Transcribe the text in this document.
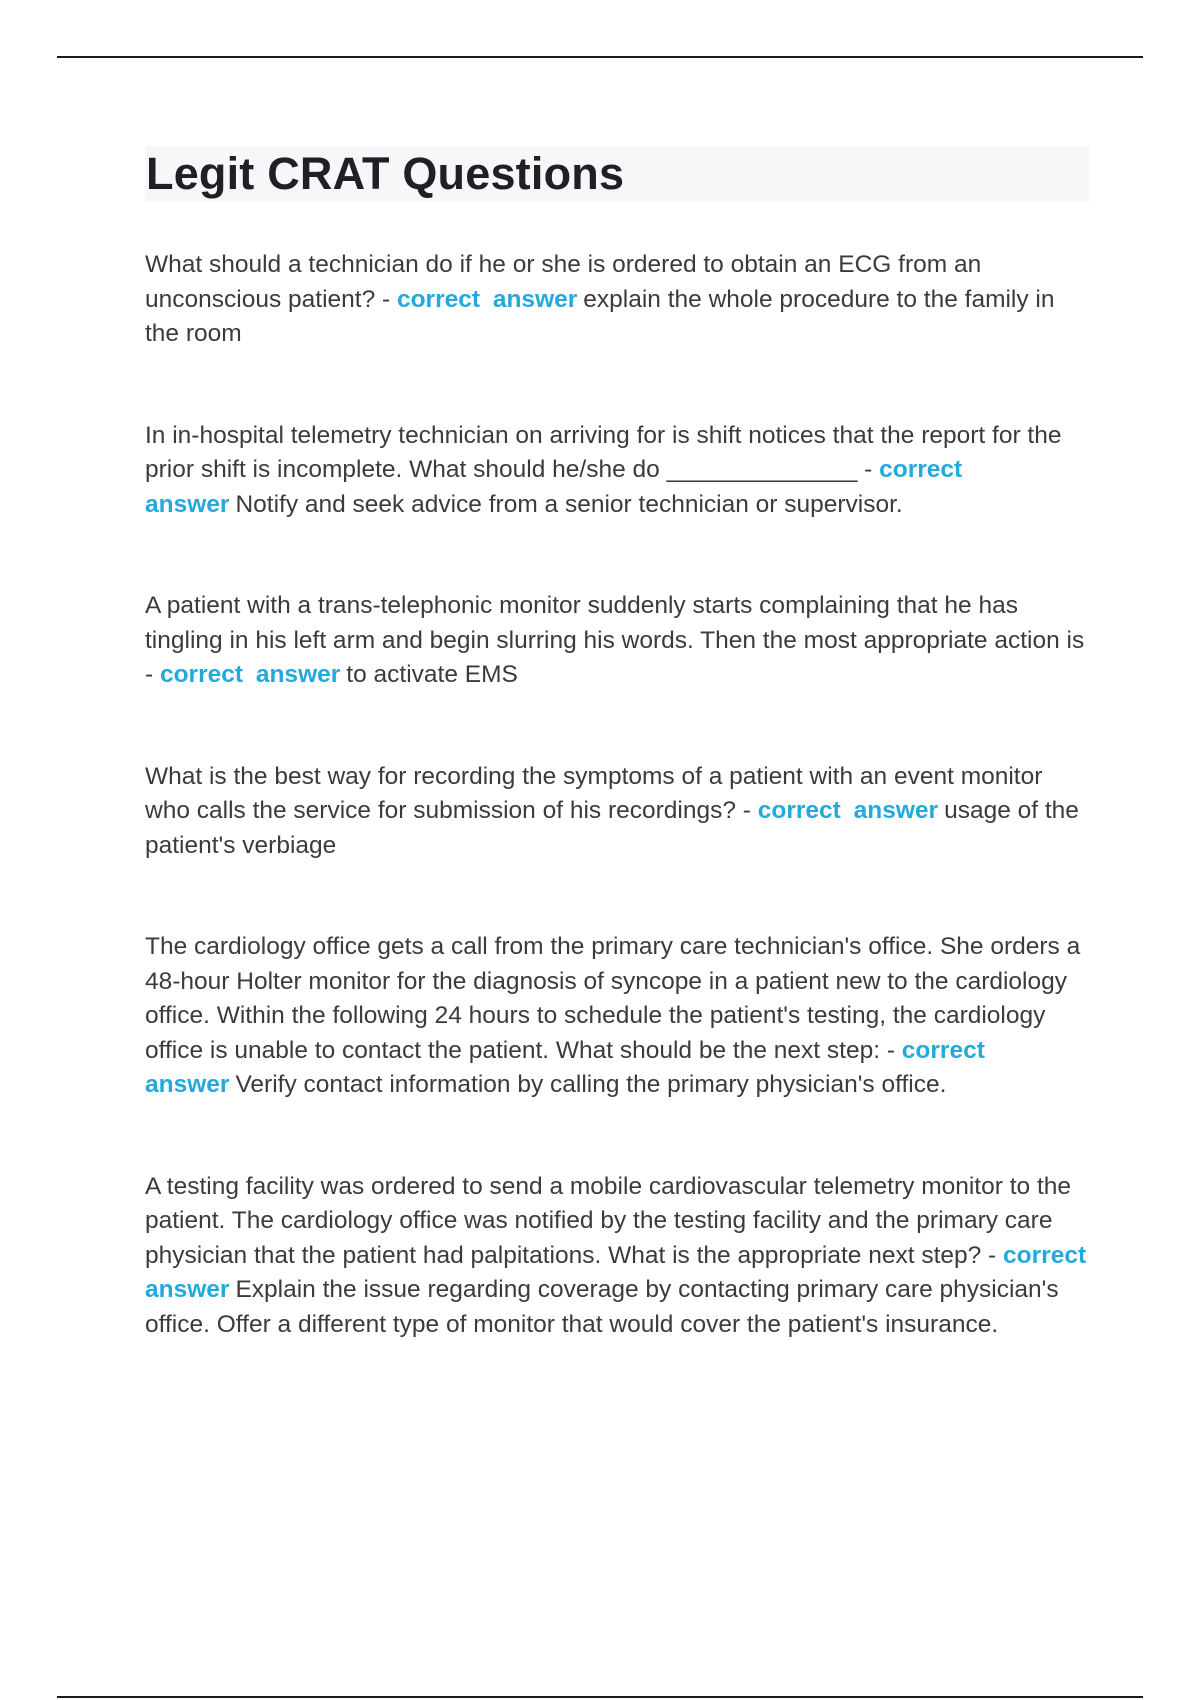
Legit CRAT Questions

What should a technician do if he or she is ordered to obtain an ECG from an unconscious patient? - correct answer explain the whole procedure to the family in the room

In in-hospital telemetry technician on arriving for is shift notices that the report for the prior shift is incomplete. What should he/she do ______________ - correct answer Notify and seek advice from a senior technician or supervisor.

A patient with a trans-telephonic monitor suddenly starts complaining that he has tingling in his left arm and begin slurring his words. Then the most appropriate action is - correct answer to activate EMS

What is the best way for recording the symptoms of a patient with an event monitor who calls the service for submission of his recordings? - correct answer usage of the patient's verbiage

The cardiology office gets a call from the primary care technician's office. She orders a 48-hour Holter monitor for the diagnosis of syncope in a patient new to the cardiology office. Within the following 24 hours to schedule the patient's testing, the cardiology office is unable to contact the patient. What should be the next step: - correct answer Verify contact information by calling the primary physician's office.

A testing facility was ordered to send a mobile cardiovascular telemetry monitor to the patient. The cardiology office was notified by the testing facility and the primary care physician that the patient had palpitations. What is the appropriate next step? - correct answer Explain the issue regarding coverage by contacting primary care physician's office. Offer a different type of monitor that would cover the patient's insurance.
